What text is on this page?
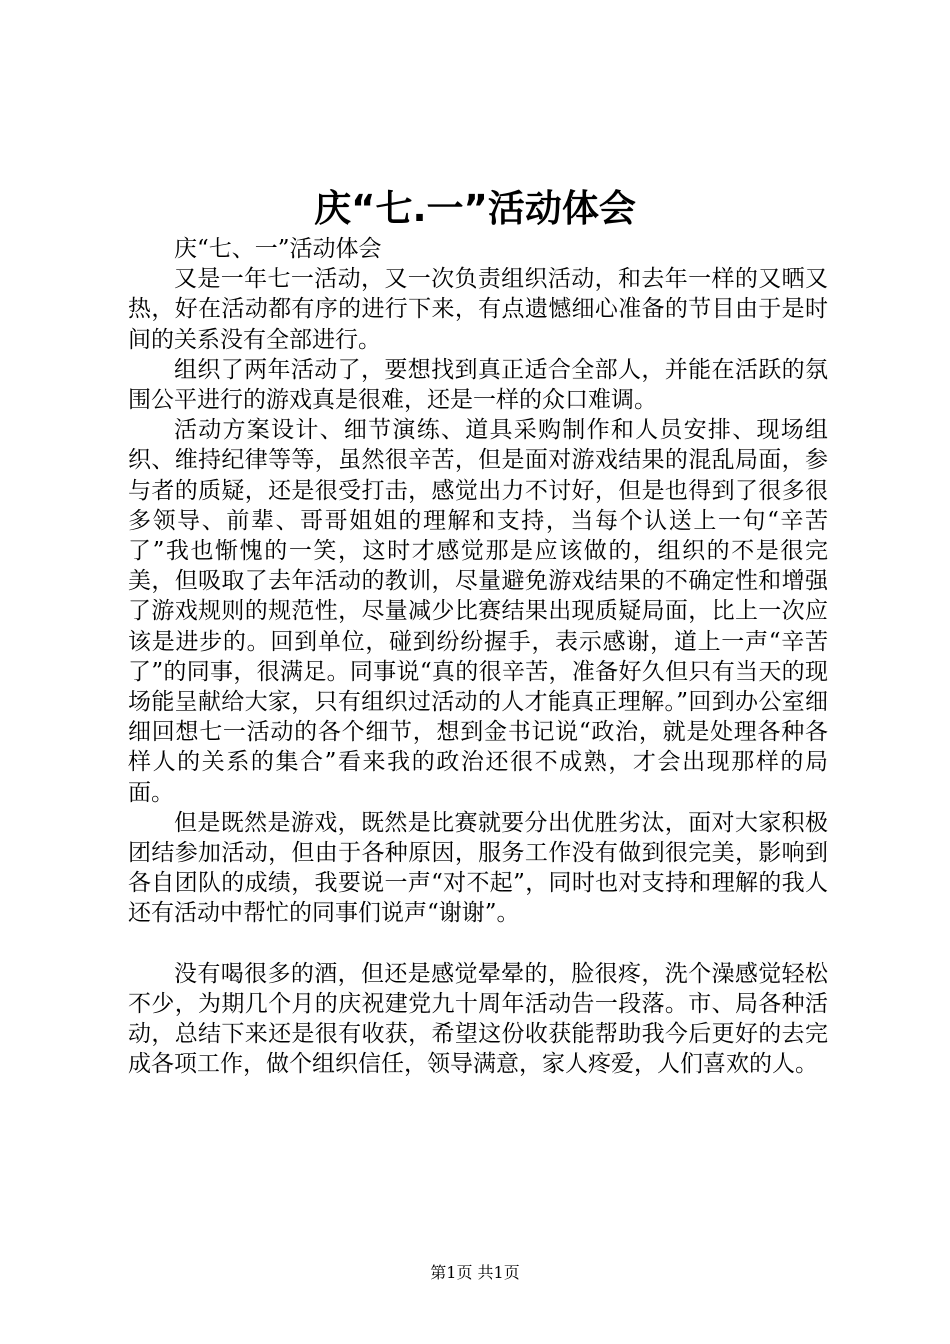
庆“七.一”活动体会

庆“七、一”活动体会

又是一年七一活动，又一次负责组织活动，和去年一样的又晒又热，好在活动都有序的进行下来，有点遗憾细心准备的节目由于是时间的关系没有全部进行。

组织了两年活动了，要想找到真正适合全部人，并能在活跃的氛围公平进行的游戏真是很难，还是一样的众口难调。

活动方案设计、细节演练、道具采购制作和人员安排、现场组织、维持纪律等等，虽然很辛苦，但是面对游戏结果的混乱局面，参与者的质疑，还是很受打击，感觉出力不讨好，但是也得到了很多很多领导、前辈、哥哥姐姐的理解和支持，当每个认送上一句“辛苦了”我也惭愧的一笑，这时才感觉那是应该做的，组织的不是很完美，但吸取了去年活动的教训，尽量避免游戏结果的不确定性和增强了游戏规则的规范性，尽量减少比赛结果出现质疑局面，比上一次应该是进步的。回到单位，碰到纷纷握手，表示感谢，道上一声“辛苦了”的同事，很满足。同事说“真的很辛苦，准备好久但只有当天的现场能呈献给大家，只有组织过活动的人才能真正理解。”回到办公室细细回想七一活动的各个细节，想到金书记说“政治，就是处理各种各样人的关系的集合”看来我的政治还很不成熟，才会出现那样的局面。

但是既然是游戏，既然是比赛就要分出优胜劣汰，面对大家积极团结参加活动，但由于各种原因，服务工作没有做到很完美，影响到各自团队的成绩，我要说一声“对不起”，同时也对支持和理解的我人还有活动中帮忙的同事们说声“谢谢”。

没有喝很多的酒，但还是感觉晕晕的，脸很疼，洗个澡感觉轻松不少，为期几个月的庆祝建党九十周年活动告一段落。市、局各种活动，总结下来还是很有收获，希望这份收获能帮助我今后更好的去完成各项工作，做个组织信任，领导满意，家人疼爱，人们喜欢的人。

第1页 共1页
